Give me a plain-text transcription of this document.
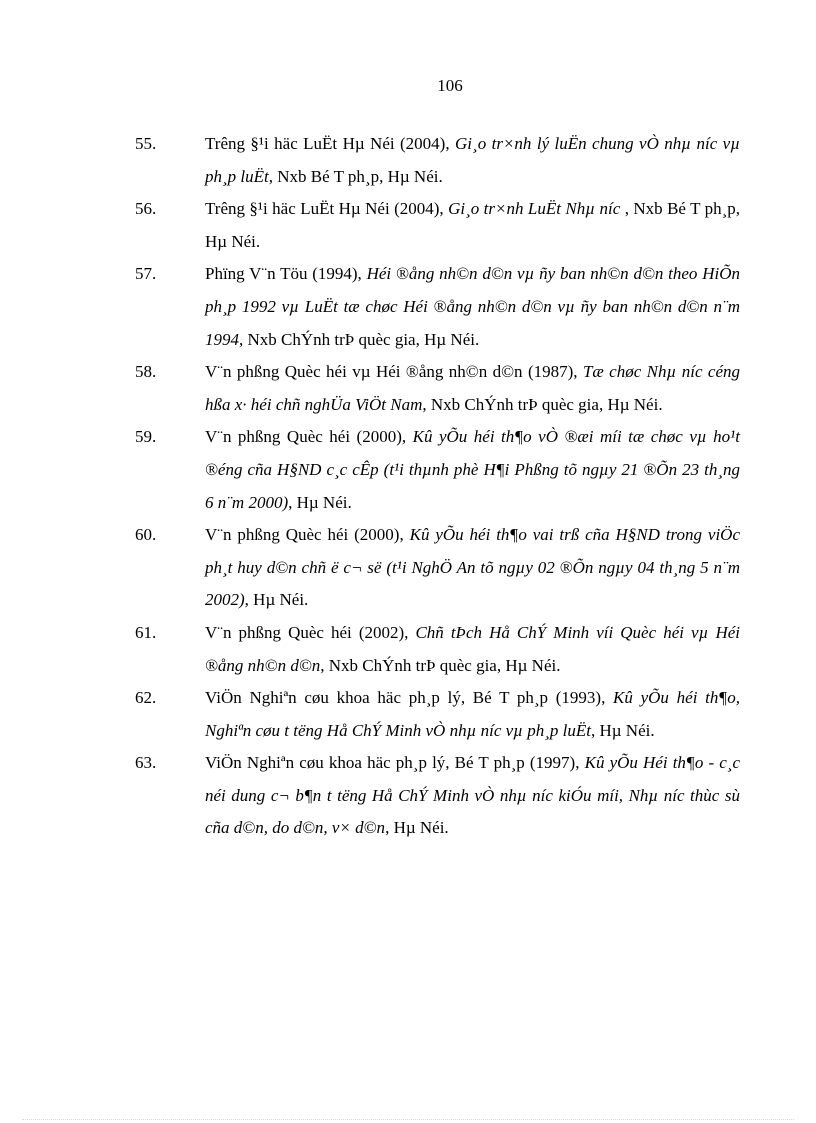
106
55.	Trêng §¹i häc LuËt Hµ Néi (2004), Gi¸o tr×nh lý luËn chung vÒ nhµ níc vµ ph¸p luËt, Nxb Bé T ph¸p, Hµ Néi.
56.	Trêng §¹i häc LuËt Hµ Néi (2004), Gi¸o tr×nh LuËt Nhµ níc , Nxb Bé T ph¸p, Hµ Néi.
57.	Phïng V¨n Töu (1994), Héi ®ång nh©n d©n vµ ñy ban nh©n d©n theo HiÕn ph¸p 1992 vµ LuËt tæ chøc Héi ®ång nh©n d©n vµ ñy ban nh©n d©n n¨m 1994, Nxb ChÝnh trÞ quèc gia, Hµ Néi.
58.	V¨n phßng Quèc héi vµ Héi ®ång nh©n d©n (1987), Tæ chøc Nhµ níc céng hßa x· héi chñ nghÜa ViÖt Nam, Nxb ChÝnh trÞ quèc gia, Hµ Néi.
59.	V¨n phßng Quèc héi (2000), Kû yÕu héi th¶o vÒ ®æi míi tæ chøc vµ ho¹t ®éng cña H§ND c¸c cÊp (t¹i thµnh phè H¶i Phßng tõ ngµy 21 ®Õn 23 th¸ng 6 n¨m 2000), Hµ Néi.
60.	V¨n phßng Quèc héi (2000), Kû yÕu héi th¶o vai trß cña H§ND trong viÖc ph¸t huy d©n chñ ë c¬ së (t¹i NghÖ An tõ ngµy 02 ®Õn ngµy 04 th¸ng 5 n¨m 2002), Hµ Néi.
61.	V¨n phßng Quèc héi (2002), Chñ tÞch Hå ChÝ Minh víi Quèc héi vµ Héi ®ång nh©n d©n, Nxb ChÝnh trÞ quèc gia, Hµ Néi.
62.	ViÖn Nghiªn cøu khoa häc ph¸p lý, Bé T ph¸p (1993), Kû yÕu héi th¶o, Nghiªn cøu t tëng Hå ChÝ Minh vÒ nhµ níc vµ ph¸p luËt, Hµ Néi.
63.	ViÖn Nghiªn cøu khoa häc ph¸p lý, Bé T ph¸p (1997), Kû yÕu Héi th¶o - c¸c néi dung c¬ b¶n t tëng Hå ChÝ Minh vÒ nhµ níc kiÓu míi, Nhµ níc thùc sù cña d©n, do d©n, v× d©n, Hµ Néi.
